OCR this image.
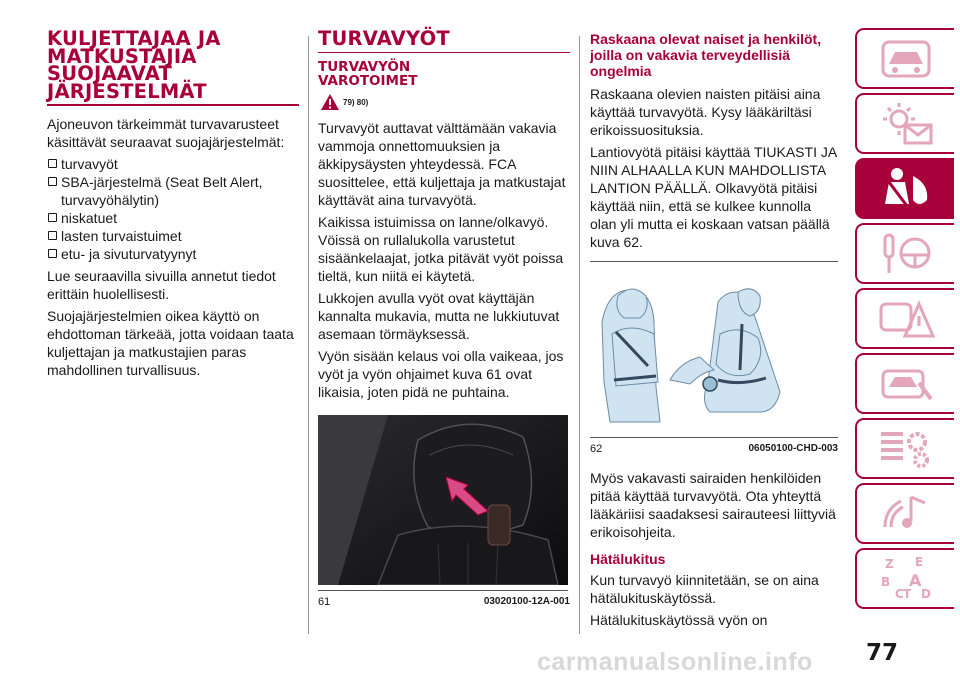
KULJETTAJAA JA MATKUSTAJIA SUOJAAVAT JÄRJESTELMÄT

Ajoneuvon tärkeimmät turvavarusteet käsittävät seuraavat suojajärjestelmät:

turvavyöt
SBA-järjestelmä (Seat Belt Alert, turvavyöhälytin)
niskatuet
lasten turvaistuimet
etu- ja sivuturvatyynyt

Lue seuraavilla sivuilla annetut tiedot erittäin huolellisesti.

Suojajärjestelmien oikea käyttö on ehdottoman tärkeää, jotta voidaan taata kuljettajan ja matkustajien paras mahdollinen turvallisuus.

TURVAVYÖT
TURVAVYÖN VAROTOIMET
79) 80)

Turvavyöt auttavat välttämään vakavia vammoja onnettomuuksien ja äkkipysäysten yhteydessä. FCA suosittelee, että kuljettaja ja matkustajat käyttävät aina turvavyötä.

Kaikissa istuimissa on lanne/olkavyö. Vöissä on rullalukolla varustetut sisäänkelaajat, jotka pitävät vyöt poissa tieltä, kun niitä ei käytetä.

Lukkojen avulla vyöt ovat käyttäjän kannalta mukavia, mutta ne lukkiutuvat asemaan törmäyksessä.

Vyön sisään kelaus voi olla vaikeaa, jos vyöt ja vyön ohjaimet kuva 61 ovat likaisia, joten pidä ne puhtaina.

61	03020100-12A-001
Raskaana olevat naiset ja henkilöt, joilla on vakavia terveydellisiä ongelmia

Raskaana olevien naisten pitäisi aina käyttää turvavyötä. Kysy lääkäriltäsi erikoissuosituksia.

Lantiovyötä pitäisi käyttää TIUKASTI JA NIIN ALHAALLA KUN MAHDOLLISTA LANTION PÄÄLLÄ. Olkavyötä pitäisi käyttää niin, että se kulkee kunnolla olan yli mutta ei koskaan vatsan päällä kuva 62.

62	06050100-CHD-003

Myös vakavasti sairaiden henkilöiden pitää käyttää turvavyötä. Ota yhteyttä lääkäriisi saadaksesi sairauteesi liittyviä erikoisohjeita.

Hätälukitus

Kun turvavyö kiinnitetään, se on aina hätälukituskäytössä.

Hätälukituskäytössä vyön on

Z E
B A
C T D
carmanualsonline.info 77
